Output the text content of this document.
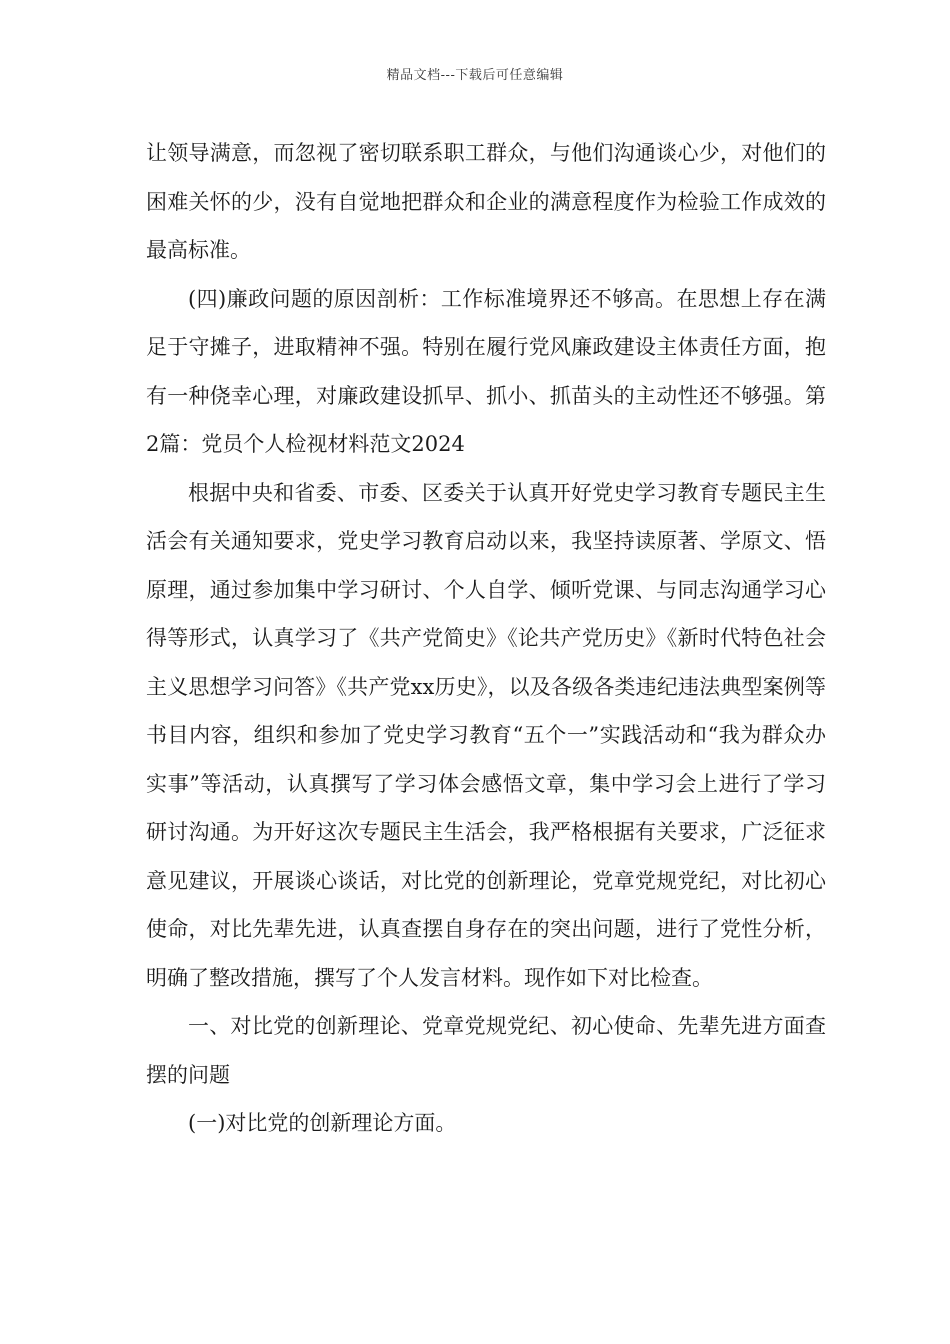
精品文档---下载后可任意编辑

让领导满意，而忽视了密切联系职工群众，与他们沟通谈心少，对他们的困难关怀的少，没有自觉地把群众和企业的满意程度作为检验工作成效的最高标准。

(四)廉政问题的原因剖析：工作标准境界还不够高。在思想上存在满足于守摊子，进取精神不强。特别在履行党风廉政建设主体责任方面，抱有一种侥幸心理，对廉政建设抓早、抓小、抓苗头的主动性还不够强。第2篇：党员个人检视材料范文2024

根据中央和省委、市委、区委关于认真开好党史学习教育专题民主生活会有关通知要求，党史学习教育启动以来，我坚持读原著、学原文、悟原理，通过参加集中学习研讨、个人自学、倾听党课、与同志沟通学习心得等形式，认真学习了《共产党简史》《论共产党历史》《新时代特色社会主义思想学习问答》《共产党xx历史》，以及各级各类违纪违法典型案例等书目内容，组织和参加了党史学习教育“五个一”实践活动和“我为群众办实事”等活动，认真撰写了学习体会感悟文章，集中学习会上进行了学习研讨沟通。为开好这次专题民主生活会，我严格根据有关要求，广泛征求意见建议，开展谈心谈话，对比党的创新理论，党章党规党纪，对比初心使命，对比先辈先进，认真查摆自身存在的突出问题，进行了党性分析，明确了整改措施，撰写了个人发言材料。现作如下对比检查。

一、对比党的创新理论、党章党规党纪、初心使命、先辈先进方面查摆的问题

(一)对比党的创新理论方面。
